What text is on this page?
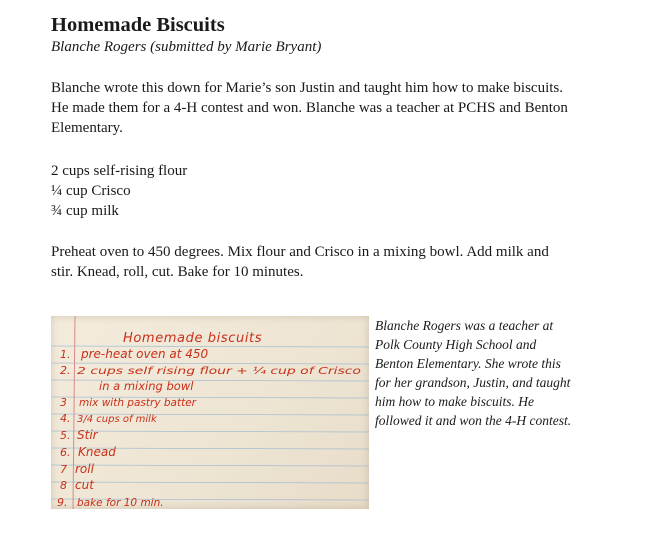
Homemade Biscuits
Blanche Rogers (submitted by Marie Bryant)

Blanche wrote this down for Marie’s son Justin and taught him how to make biscuits. He made them for a 4-H contest and won. Blanche was a teacher at PCHS and Benton Elementary.

2 cups self-rising flour
¼ cup Crisco
¾ cup milk

Preheat oven to 450 degrees. Mix flour and Crisco in a mixing bowl. Add milk and stir. Knead, roll, cut. Bake for 10 minutes.

Homemade biscuits
1.
2.
3
4.
5.
6.
7
8
9.
pre-heat oven at 450
2 cups self rising flour + ¼ cup of Crisco
in a mixing bowl
mix with pastry batter
3/4 cups of milk
Stir
Knead
roll
cut
bake for 10 min.

Blanche Rogers was a teacher at Polk County High School and Benton Elementary. She wrote this for her grandson, Justin, and taught him how to make biscuits. He followed it and won the 4-H contest.
